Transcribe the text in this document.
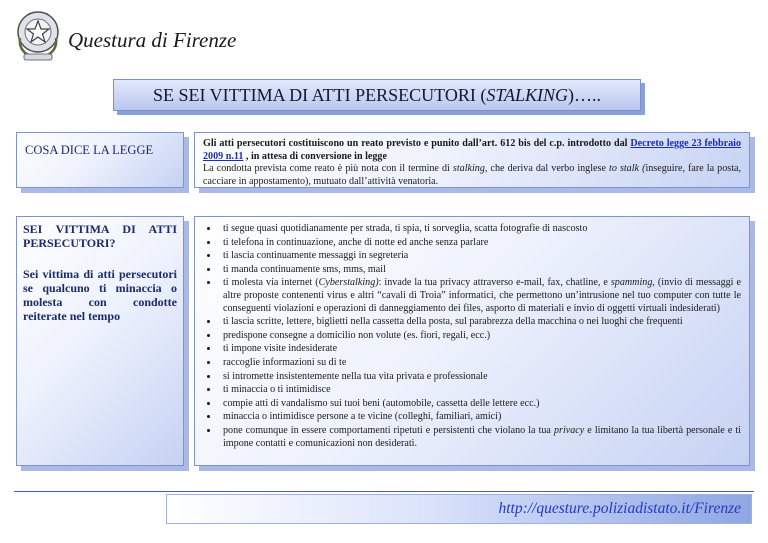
Questura di Firenze
SE SEI VITTIMA DI ATTI PERSECUTORI ( STALKING )…..
COSA DICE LA LEGGE	Gli atti persecutori costituiscono un reato previsto e punito dall’art. 612 bis del c.p. introdotto dal Decreto legge 23 febbraio 2009 n.11 , in attesa di conversione in legge
La condotta prevista come reato è più nota con il termine di stalking, che deriva dal verbo inglese to stalk (inseguire, fare la posta, cacciare in appostamento), mutuato dall’attività venatoria.
SEI VITTIMA DI ATTI PERSECUTORI?
Sei vittima di atti persecutori se qualcuno ti minaccia o molesta con condotte reiterate nel tempo
• ti segue quasi quotidianamente per strada, ti spia, ti sorveglia, scatta fotografie di nascosto
• ti telefona in continuazione, anche di notte ed anche senza parlare
• ti lascia continuamente messaggi in segreteria
• ti manda continuamente sms, mms, mail
• ti molesta via internet (Cyberstalking): invade la tua privacy attraverso e-mail, fax, chatline, e spamming, (invio di messaggi e altre proposte contenenti virus e altri “cavali di Troia” informatici, che permettono un’intrusione nel tuo computer con tutte le conseguenti violazioni e operazioni di danneggiamento dei files, asporto di materiali e invio di oggetti virtuali indesiderati)
• ti lascia scritte, lettere, biglietti nella cassetta della posta, sul parabrezza della macchina o nei luoghi che frequenti
• predispone consegne a domicilio non volute (es. fiori, regali, ecc.)
• ti impone visite indesiderate
• raccoglie informazioni su di te
• si intromette insistentemente nella tua vita privata e professionale
• ti minaccia o ti intimidisce
• compie atti di vandalismo sui tuoi beni (automobile, cassetta delle lettere ecc.)
• minaccia o intimidisce persone a te vicine (colleghi, familiari, amici)
• pone comunque in essere comportamenti ripetuti e persistenti che violano la tua privacy e limitano la tua libertà personale e ti impone contatti e comunicazioni non desiderati.
http://questure.poliziadistato.it/Firenze
